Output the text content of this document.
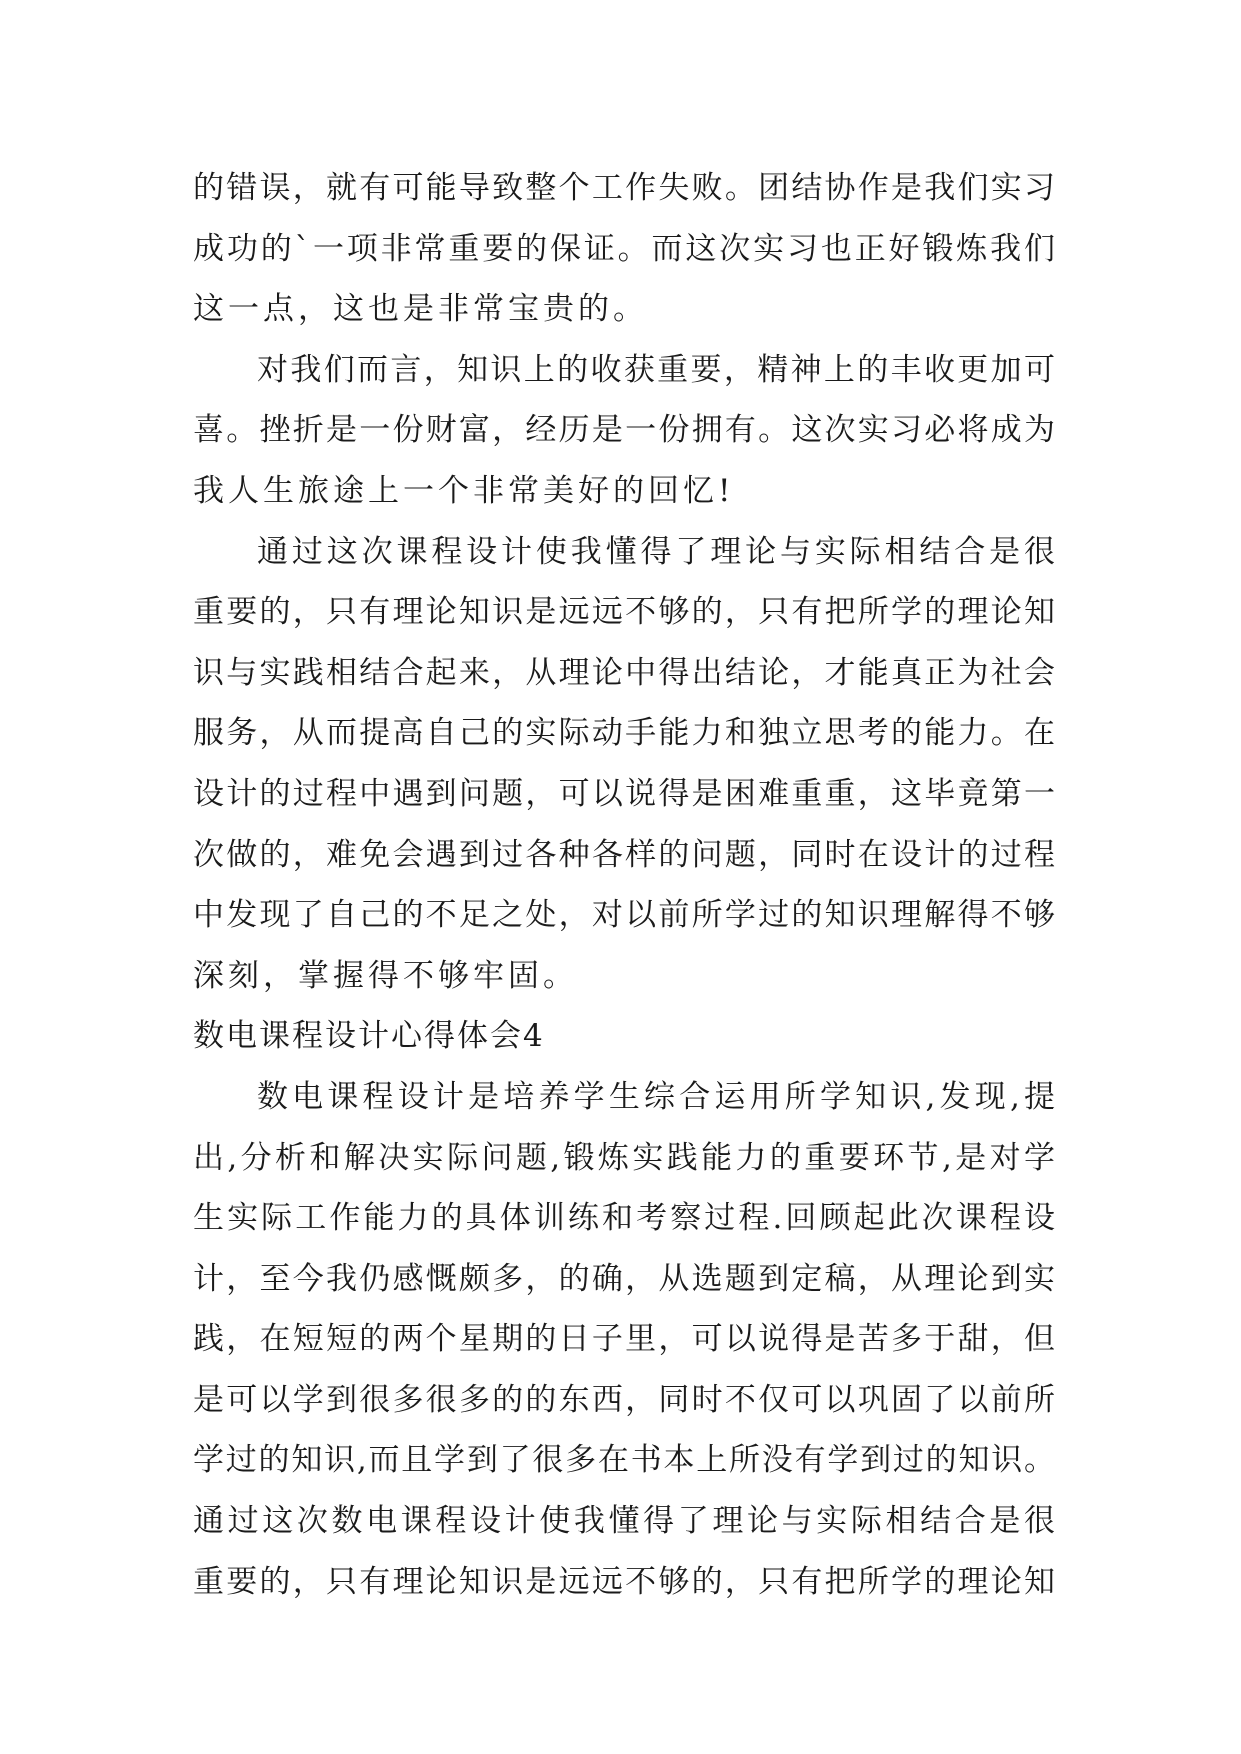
的错误，就有可能导致整个工作失败。团结协作是我们实习
成功的`一项非常重要的保证。而这次实习也正好锻炼我们
这一点，这也是非常宝贵的。
对我们而言，知识上的收获重要，精神上的丰收更加可
喜。挫折是一份财富，经历是一份拥有。这次实习必将成为
我人生旅途上一个非常美好的回忆!
通过这次课程设计使我懂得了理论与实际相结合是很
重要的，只有理论知识是远远不够的，只有把所学的理论知
识与实践相结合起来，从理论中得出结论，才能真正为社会
服务，从而提高自己的实际动手能力和独立思考的能力。在
设计的过程中遇到问题，可以说得是困难重重，这毕竟第一
次做的，难免会遇到过各种各样的问题，同时在设计的过程
中发现了自己的不足之处，对以前所学过的知识理解得不够
深刻，掌握得不够牢固。
数电课程设计心得体会4
数电课程设计是培养学生综合运用所学知识,发现,提
出,分析和解决实际问题,锻炼实践能力的重要环节,是对学
生实际工作能力的具体训练和考察过程.回顾起此次课程设
计，至今我仍感慨颇多，的确，从选题到定稿，从理论到实
践，在短短的两个星期的日子里，可以说得是苦多于甜，但
是可以学到很多很多的的东西，同时不仅可以巩固了以前所
学过的知识,而且学到了很多在书本上所没有学到过的知识。
通过这次数电课程设计使我懂得了理论与实际相结合是很
重要的，只有理论知识是远远不够的，只有把所学的理论知
